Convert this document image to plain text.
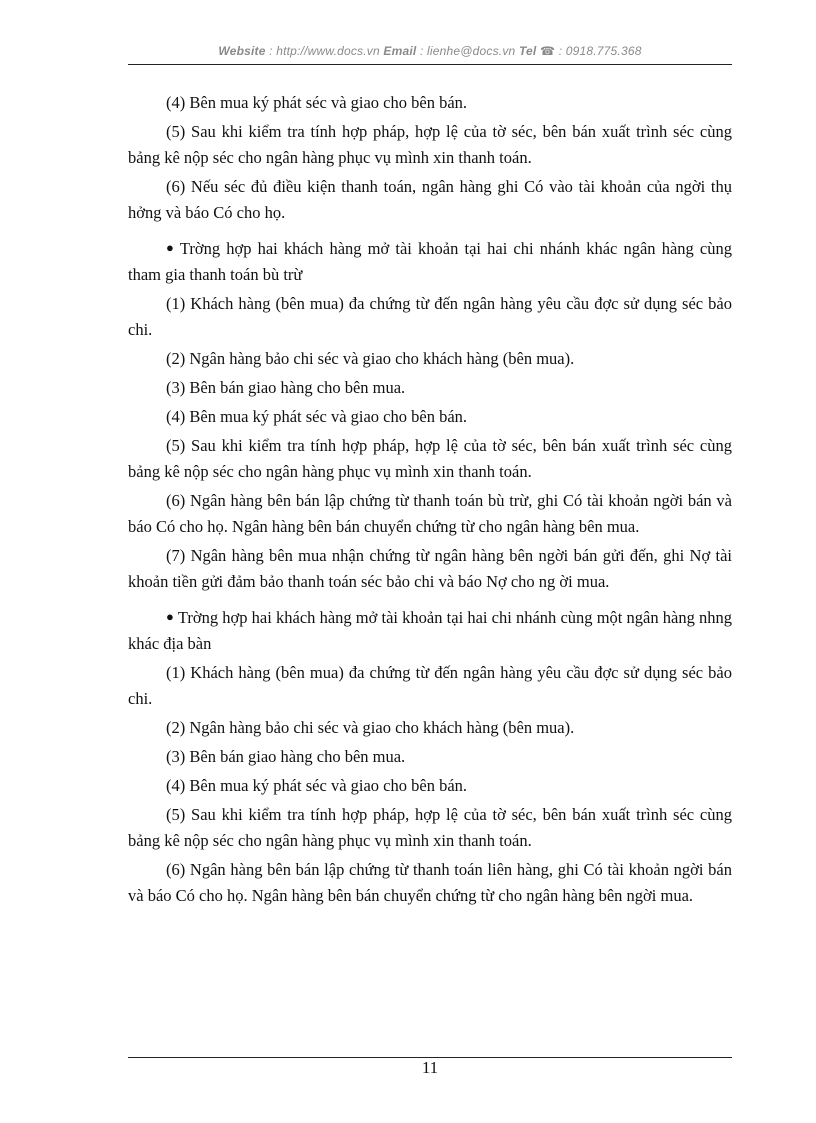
Website : http://www.docs.vn Email : lienhe@docs.vn Tel ☎ : 0918.775.368

(4) Bên mua ký phát séc và giao cho bên bán.

(5) Sau khi kiểm tra tính hợp pháp, hợp lệ của tờ séc, bên bán xuất trình séc cùng bảng kê nộp séc cho ngân hàng phục vụ mình xin thanh toán.

(6) Nếu séc đủ điều kiện thanh toán, ngân hàng ghi Có vào tài khoản của ngời thụ hởng và báo Có cho họ.

● Trờng hợp hai khách hàng mở tài khoản tại hai chi nhánh khác ngân hàng cùng tham gia thanh toán bù trừ

(1) Khách hàng (bên mua) đa chứng từ đến ngân hàng yêu cầu đợc sử dụng séc bảo chi.

(2) Ngân hàng bảo chi séc và giao cho khách hàng (bên mua).

(3) Bên bán giao hàng cho bên mua.

(4) Bên mua ký phát séc và giao cho bên bán.

(5) Sau khi kiểm tra tính hợp pháp, hợp lệ của tờ séc, bên bán xuất trình séc cùng bảng kê nộp séc cho ngân hàng phục vụ mình xin thanh toán.

(6) Ngân hàng bên bán lập chứng từ thanh toán bù trừ, ghi Có tài khoản ngời bán và báo Có cho họ. Ngân hàng bên bán chuyển chứng từ cho ngân hàng bên mua.

(7) Ngân hàng bên mua nhận chứng từ ngân hàng bên ngời bán gửi đến, ghi Nợ tài khoản tiền gửi đảm bảo thanh toán séc bảo chi và báo Nợ cho ng ời mua.

● Trờng hợp hai khách hàng mở tài khoản tại hai chi nhánh cùng một ngân hàng nhng khác địa bàn

(1) Khách hàng (bên mua) đa chứng từ đến ngân hàng yêu cầu đợc sử dụng séc bảo chi.

(2) Ngân hàng bảo chi séc và giao cho khách hàng (bên mua).

(3) Bên bán giao hàng cho bên mua.

(4) Bên mua ký phát séc và giao cho bên bán.

(5) Sau khi kiểm tra tính hợp pháp, hợp lệ của tờ séc, bên bán xuất trình séc cùng bảng kê nộp séc cho ngân hàng phục vụ mình xin thanh toán.

(6) Ngân hàng bên bán lập chứng từ thanh toán liên hàng, ghi Có tài khoản ngời bán và báo Có cho họ. Ngân hàng bên bán chuyển chứng từ cho ngân hàng bên ngời mua.

11
